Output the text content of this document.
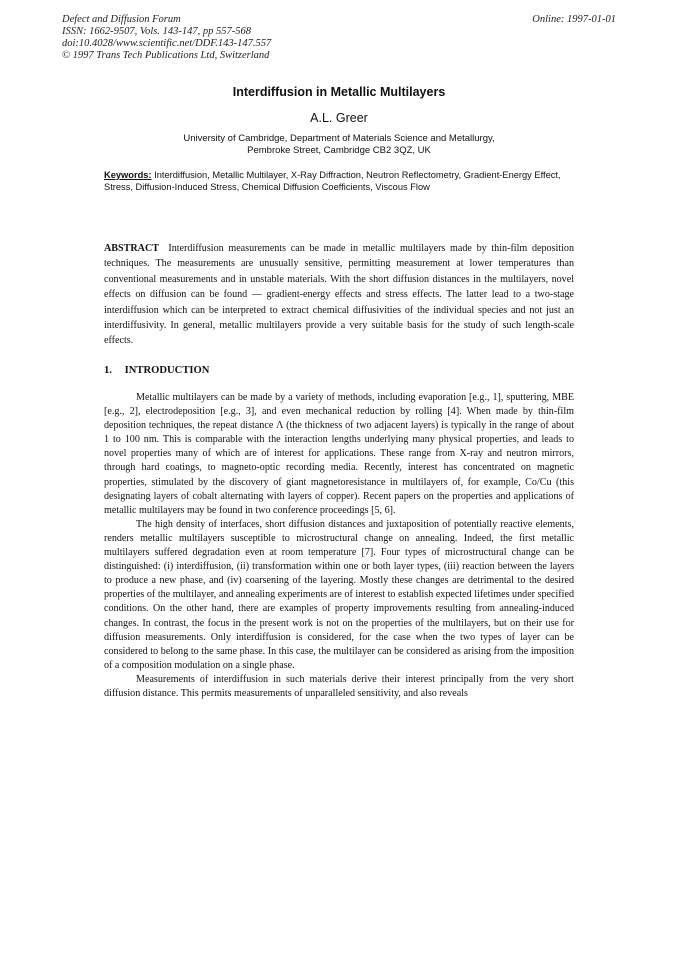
Defect and Diffusion Forum
ISSN: 1662-9507, Vols. 143-147, pp 557-568
doi:10.4028/www.scientific.net/DDF.143-147.557
© 1997 Trans Tech Publications Ltd, Switzerland
Online: 1997-01-01
Interdiffusion in Metallic Multilayers
A.L. Greer
University of Cambridge, Department of Materials Science and Metallurgy,
Pembroke Street, Cambridge CB2 3QZ, UK
Keywords: Interdiffusion, Metallic Multilayer, X-Ray Diffraction, Neutron Reflectometry, Gradient-Energy Effect, Stress, Diffusion-Induced Stress, Chemical Diffusion Coefficients, Viscous Flow
ABSTRACT Interdiffusion measurements can be made in metallic multilayers made by thin-film deposition techniques. The measurements are unusually sensitive, permitting measurement at lower temperatures than conventional measurements and in unstable materials. With the short diffusion distances in the multilayers, novel effects on diffusion can be found — gradient-energy effects and stress effects. The latter lead to a two-stage interdiffusion which can be interpreted to extract chemical diffusivities of the individual species and not just an interdiffusivity. In general, metallic multilayers provide a very suitable basis for the study of such length-scale effects.
1. INTRODUCTION

Metallic multilayers can be made by a variety of methods, including evaporation [e.g., 1], sputtering, MBE [e.g., 2], electrodeposition [e.g., 3], and even mechanical reduction by rolling [4]. When made by thin-film deposition techniques, the repeat distance Λ (the thickness of two adjacent layers) is typically in the range of about 1 to 100 nm. This is comparable with the interaction lengths underlying many physical properties, and leads to novel properties many of which are of interest for applications. These range from X-ray and neutron mirrors, through hard coatings, to magneto-optic recording media. Recently, interest has concentrated on magnetic properties, stimulated by the discovery of giant magnetoresistance in multilayers of, for example, Co/Cu (this designating layers of cobalt alternating with layers of copper). Recent papers on the properties and applications of metallic multilayers may be found in two conference proceedings [5, 6].

The high density of interfaces, short diffusion distances and juxtaposition of potentially reactive elements, renders metallic multilayers susceptible to microstructural change on annealing. Indeed, the first metallic multilayers suffered degradation even at room temperature [7]. Four types of microstructural change can be distinguished: (i) interdiffusion, (ii) transformation within one or both layer types, (iii) reaction between the layers to produce a new phase, and (iv) coarsening of the layering. Mostly these changes are detrimental to the desired properties of the multilayer, and annealing experiments are of interest to establish expected lifetimes under specified conditions. On the other hand, there are examples of property improvements resulting from annealing-induced changes. In contrast, the focus in the present work is not on the properties of the multilayers, but on their use for diffusion measurements. Only interdiffusion is considered, for the case when the two types of layer can be considered to belong to the same phase. In this case, the multilayer can be considered as arising from the imposition of a composition modulation on a single phase.

Measurements of interdiffusion in such materials derive their interest principally from the very short diffusion distance. This permits measurements of unparalleled sensitivity, and also reveals
